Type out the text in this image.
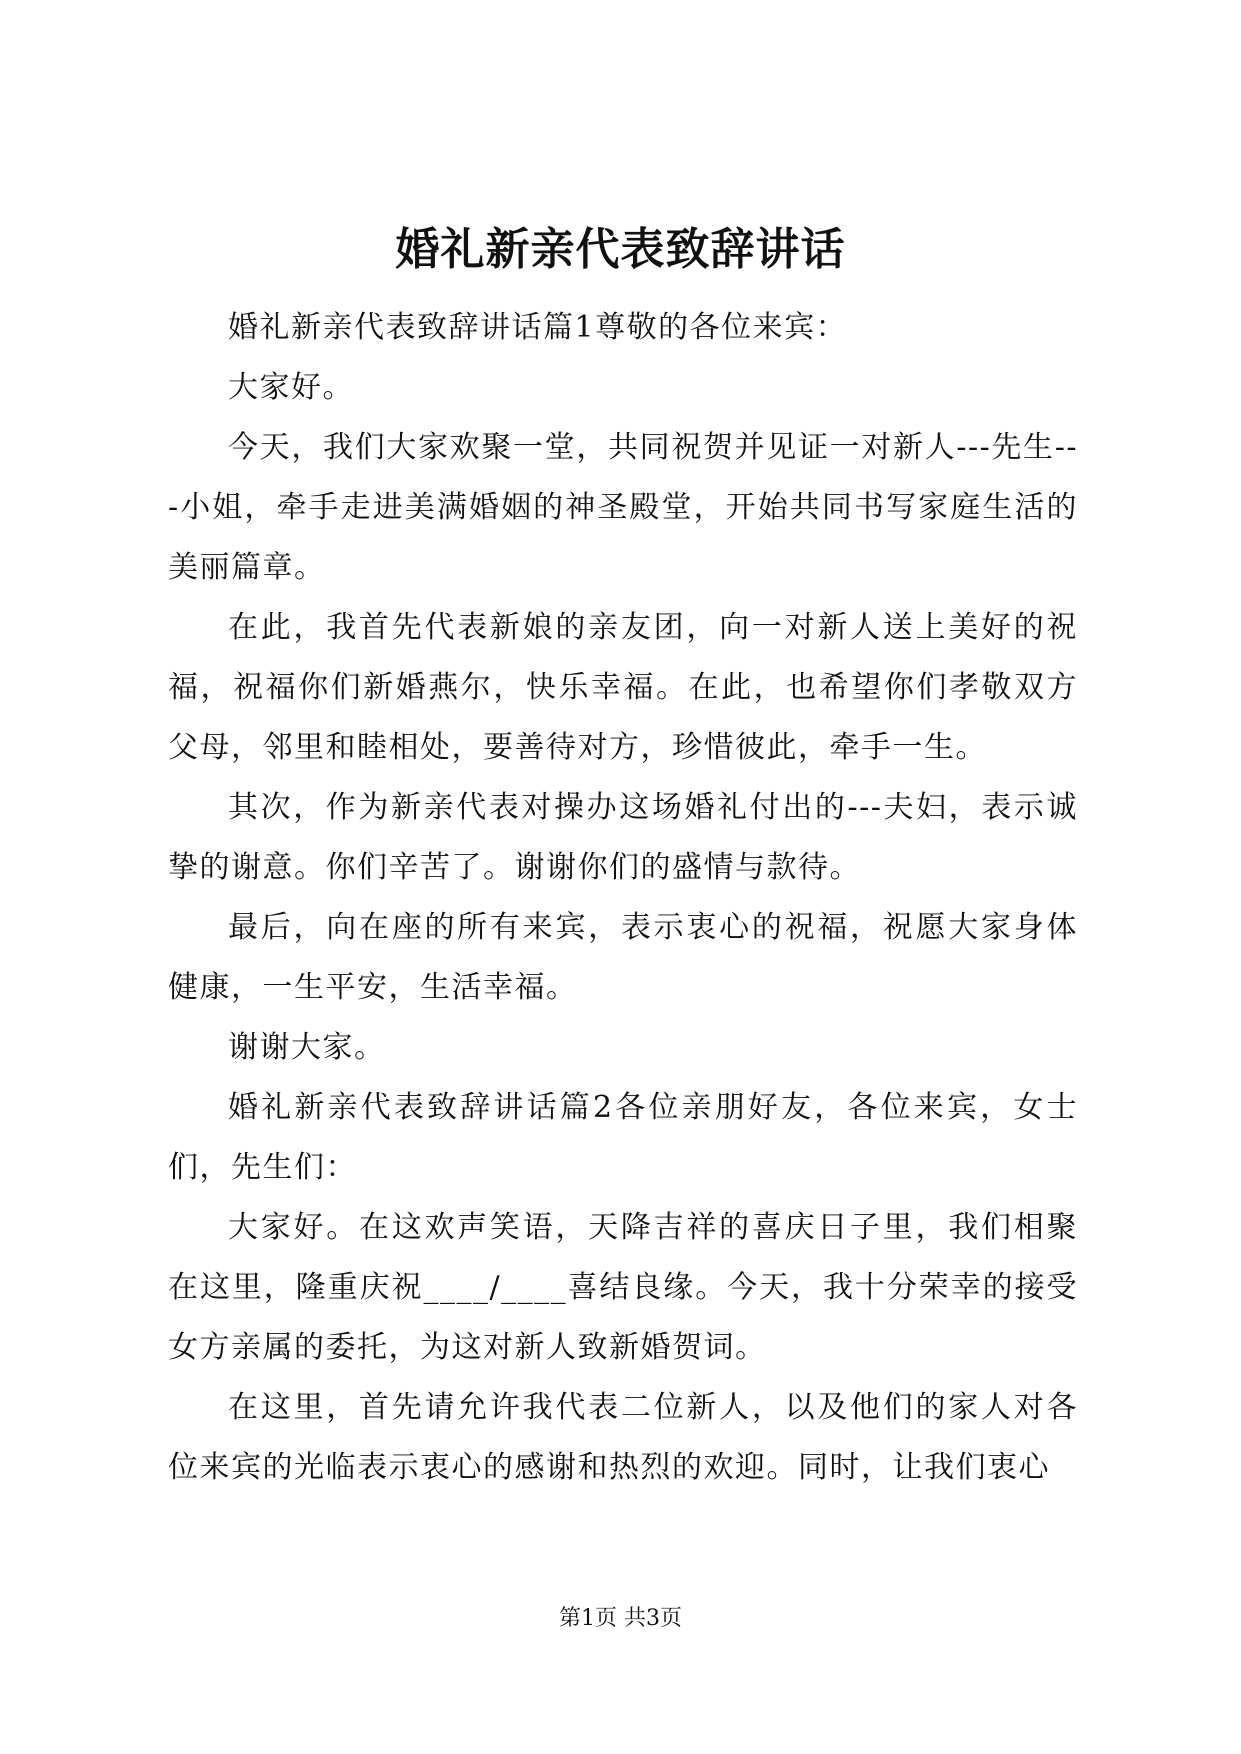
婚礼新亲代表致辞讲话

婚礼新亲代表致辞讲话篇1尊敬的各位来宾：

大家好。

今天，我们大家欢聚一堂，共同祝贺并见证一对新人---先生---小姐，牵手走进美满婚姻的神圣殿堂，开始共同书写家庭生活的美丽篇章。

在此，我首先代表新娘的亲友团，向一对新人送上美好的祝福，祝福你们新婚燕尔，快乐幸福。在此，也希望你们孝敬双方父母，邻里和睦相处，要善待对方，珍惜彼此，牵手一生。

其次，作为新亲代表对操办这场婚礼付出的---夫妇，表示诚挚的谢意。你们辛苦了。谢谢你们的盛情与款待。

最后，向在座的所有来宾，表示衷心的祝福，祝愿大家身体健康，一生平安，生活幸福。

谢谢大家。

婚礼新亲代表致辞讲话篇2各位亲朋好友，各位来宾，女士们，先生们：

大家好。在这欢声笑语，天降吉祥的喜庆日子里，我们相聚在这里，隆重庆祝____/____喜结良缘。今天，我十分荣幸的接受女方亲属的委托，为这对新人致新婚贺词。

在这里，首先请允许我代表二位新人，以及他们的家人对各位来宾的光临表示衷心的感谢和热烈的欢迎。同时，让我们衷心

第1页 共3页
